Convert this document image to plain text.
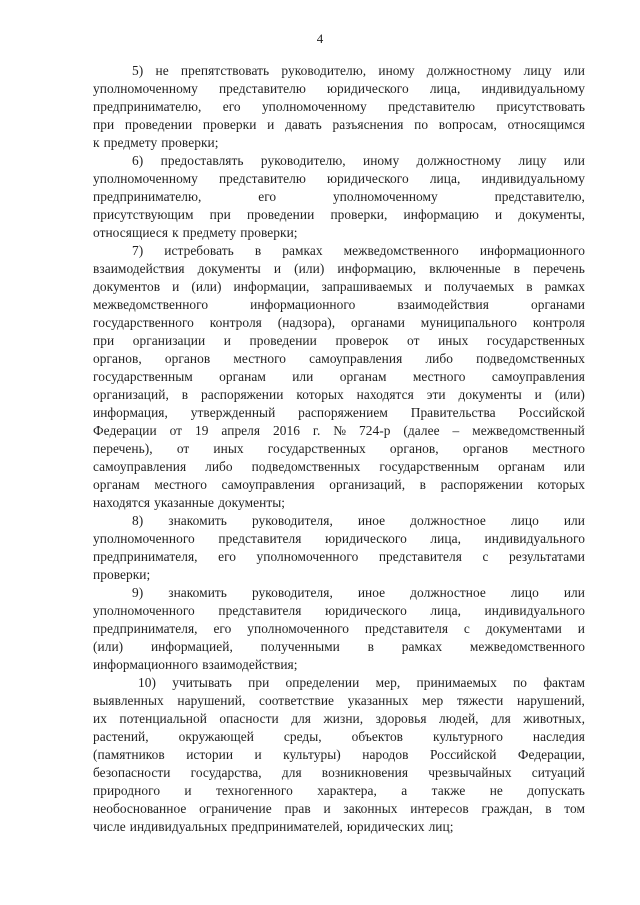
4
5) не препятствовать руководителю, иному должностному лицу или
уполномоченному представителю юридического лица, индивидуальному
предпринимателю, его уполномоченному представителю присутствовать
при проведении проверки и давать разъяснения по вопросам, относящимся
к предмету проверки;
6) предоставлять руководителю, иному должностному лицу или
уполномоченному представителю юридического лица, индивидуальному
предпринимателю,	его	уполномоченному	представителю,
присутствующим при проведении проверки, информацию и документы,
относящиеся к предмету проверки;
7) истребовать в рамках межведомственного информационного
взаимодействия документы и (или) информацию, включенные в перечень
документов и (или) информации, запрашиваемых и получаемых в рамках
межведомственного	информационного	взаимодействия	органами
государственного контроля (надзора), органами муниципального контроля
при организации и проведении проверок от иных государственных
органов, органов местного самоуправления либо подведомственных
государственным органам или органам местного самоуправления
организаций, в распоряжении которых находятся эти документы и (или)
информация, утвержденный распоряжением Правительства Российской
Федерации от 19 апреля 2016 г. № 724-р (далее – межведомственный
перечень), от иных государственных органов, органов местного
самоуправления либо подведомственных государственным органам или
органам местного самоуправления организаций, в распоряжении которых
находятся указанные документы;
8) знакомить руководителя, иное должностное лицо или
уполномоченного представителя юридического лица, индивидуального
предпринимателя, его уполномоченного представителя с результатами
проверки;
9) знакомить руководителя, иное должностное лицо или
уполномоченного представителя юридического лица, индивидуального
предпринимателя, его уполномоченного представителя с документами и
(или) информацией, полученными в рамках межведомственного
информационного взаимодействия;
10) учитывать при определении мер, принимаемых по фактам
выявленных нарушений, соответствие указанных мер тяжести нарушений,
их потенциальной опасности для жизни, здоровья людей, для животных,
растений, окружающей среды, объектов культурного наследия
(памятников истории и культуры) народов Российской Федерации,
безопасности государства, для возникновения чрезвычайных ситуаций
природного и техногенного характера, а также не допускать
необоснованное ограничение прав и законных интересов граждан, в том
числе индивидуальных предпринимателей, юридических лиц;
